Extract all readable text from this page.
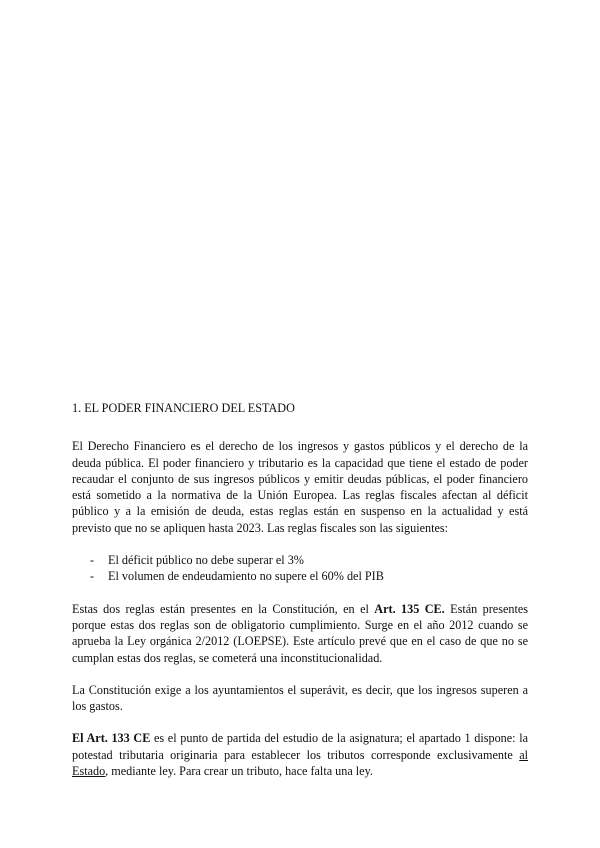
1. EL PODER FINANCIERO DEL ESTADO

El Derecho Financiero es el derecho de los ingresos y gastos públicos y el derecho de la deuda pública. El poder financiero y tributario es la capacidad que tiene el estado de poder recaudar el conjunto de sus ingresos públicos y emitir deudas públicas, el poder financiero está sometido a la normativa de la Unión Europea. Las reglas fiscales afectan al déficit público y a la emisión de deuda, estas reglas están en suspenso en la actualidad y está previsto que no se apliquen hasta 2023. Las reglas fiscales son las siguientes:

- El déficit público no debe superar el 3%
- El volumen de endeudamiento no supere el 60% del PIB

Estas dos reglas están presentes en la Constitución, en el Art. 135 CE. Están presentes porque estas dos reglas son de obligatorio cumplimiento. Surge en el año 2012 cuando se aprueba la Ley orgánica 2/2012 (LOEPSE). Este artículo prevé que en el caso de que no se cumplan estas dos reglas, se cometerá una inconstitucionalidad.

La Constitución exige a los ayuntamientos el superávit, es decir, que los ingresos superen a los gastos.

El Art. 133 CE es el punto de partida del estudio de la asignatura; el apartado 1 dispone: la potestad tributaria originaria para establecer los tributos corresponde exclusivamente al Estado, mediante ley. Para crear un tributo, hace falta una ley.
